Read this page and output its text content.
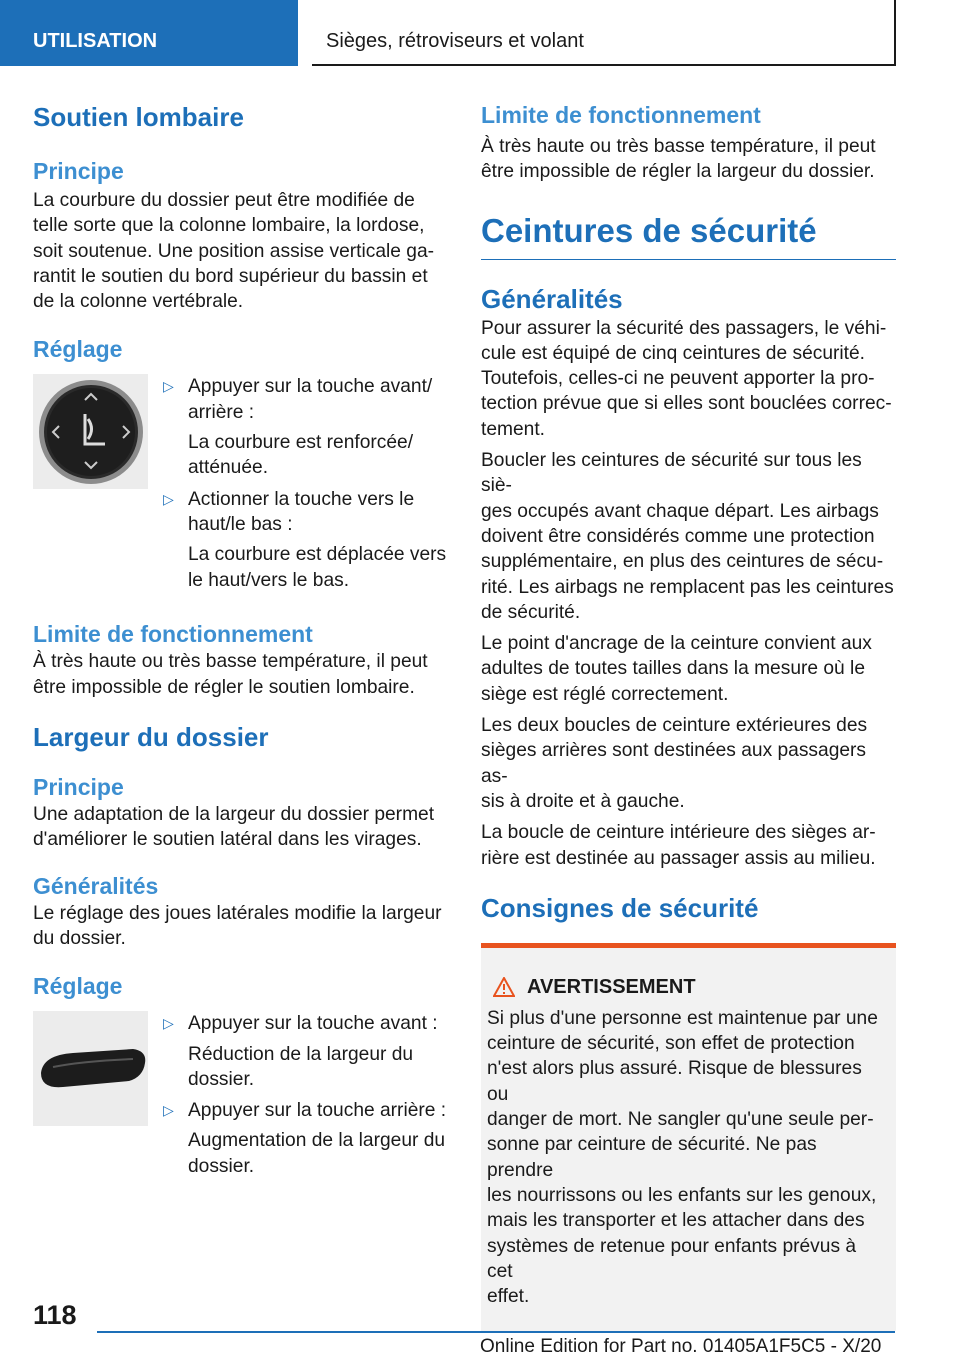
UTILISATION	Sièges, rétroviseurs et volant
Soutien lombaire
Principe
La courbure du dossier peut être modifiée de
telle sorte que la colonne lombaire, la lordose,
soit soutenue. Une position assise verticale ga-
rantit le soutien du bord supérieur du bassin et
de la colonne vertébrale.
Réglage
▷ Appuyer sur la touche avant/
arrière :
La courbure est renforcée/
atténuée.
▷ Actionner la touche vers le
haut/le bas :
La courbure est déplacée vers
le haut/vers le bas.
Limite de fonctionnement
À très haute ou très basse température, il peut
être impossible de régler le soutien lombaire.
Largeur du dossier
Principe
Une adaptation de la largeur du dossier permet
d'améliorer le soutien latéral dans les virages.
Généralités
Le réglage des joues latérales modifie la largeur
du dossier.
Réglage
▷ Appuyer sur la touche avant :
Réduction de la largeur du
dossier.
▷ Appuyer sur la touche arrière :
Augmentation de la largeur du
dossier.
Limite de fonctionnement
À très haute ou très basse température, il peut
être impossible de régler la largeur du dossier.
Ceintures de sécurité
Généralités
Pour assurer la sécurité des passagers, le véhi-
cule est équipé de cinq ceintures de sécurité.
Toutefois, celles-ci ne peuvent apporter la pro-
tection prévue que si elles sont bouclées correc-
tement.
Boucler les ceintures de sécurité sur tous les siè-
ges occupés avant chaque départ. Les airbags
doivent être considérés comme une protection
supplémentaire, en plus des ceintures de sécu-
rité. Les airbags ne remplacent pas les ceintures
de sécurité.
Le point d'ancrage de la ceinture convient aux
adultes de toutes tailles dans la mesure où le
siège est réglé correctement.
Les deux boucles de ceinture extérieures des
sièges arrières sont destinées aux passagers as-
sis à droite et à gauche.
La boucle de ceinture intérieure des sièges ar-
rière est destinée au passager assis au milieu.
Consignes de sécurité
AVERTISSEMENT
Si plus d'une personne est maintenue par une
ceinture de sécurité, son effet de protection
n'est alors plus assuré. Risque de blessures ou
danger de mort. Ne sangler qu'une seule per-
sonne par ceinture de sécurité. Ne pas prendre
les nourrissons ou les enfants sur les genoux,
mais les transporter et les attacher dans des
systèmes de retenue pour enfants prévus à cet
effet.
118
Online Edition for Part no. 01405A1F5C5 - X/20
